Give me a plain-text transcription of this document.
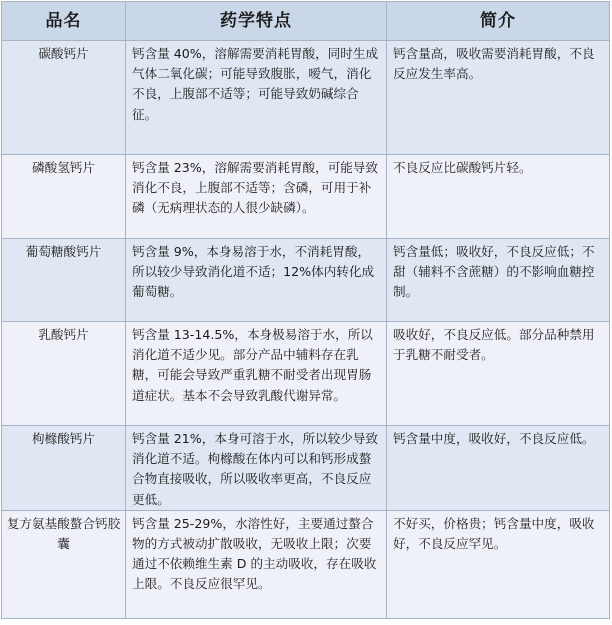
品名	药学特点	简介
碳酸钙片	钙含量 40%，溶解需要消耗胃酸，同时生成气体二氧化碳；可能导致腹胀，嗳气，消化不良，上腹部不适等；可能导致奶碱综合征。	钙含量高，吸收需要消耗胃酸，不良反应发生率高。
磷酸氢钙片	钙含量 23%，溶解需要消耗胃酸，可能导致消化不良，上腹部不适等；含磷，可用于补磷（无病理状态的人很少缺磷）。	不良反应比碳酸钙片轻。
葡萄糖酸钙片	钙含量 9%，本身易溶于水，不消耗胃酸，所以较少导致消化道不适；12%体内转化成葡萄糖。	钙含量低；吸收好，不良反应低；不甜（辅料不含蔗糖）的不影响血糖控制。
乳酸钙片	钙含量 13-14.5%，本身极易溶于水，所以消化道不适少见。部分产品中辅料存在乳糖，可能会导致严重乳糖不耐受者出现胃肠道症状。基本不会导致乳酸代谢异常。	吸收好，不良反应低。部分品种禁用于乳糖不耐受者。
枸橼酸钙片	钙含量 21%，本身可溶于水，所以较少导致消化道不适。枸橼酸在体内可以和钙形成螯合物直接吸收，所以吸收率更高，不良反应更低。	钙含量中度，吸收好，不良反应低。
复方氨基酸螯合钙胶囊	钙含量 25-29%，水溶性好，主要通过螯合物的方式被动扩散吸收，无吸收上限；次要通过不依赖维生素 D 的主动吸收，存在吸收上限。不良反应很罕见。	不好买，价格贵；钙含量中度，吸收好，不良反应罕见。
